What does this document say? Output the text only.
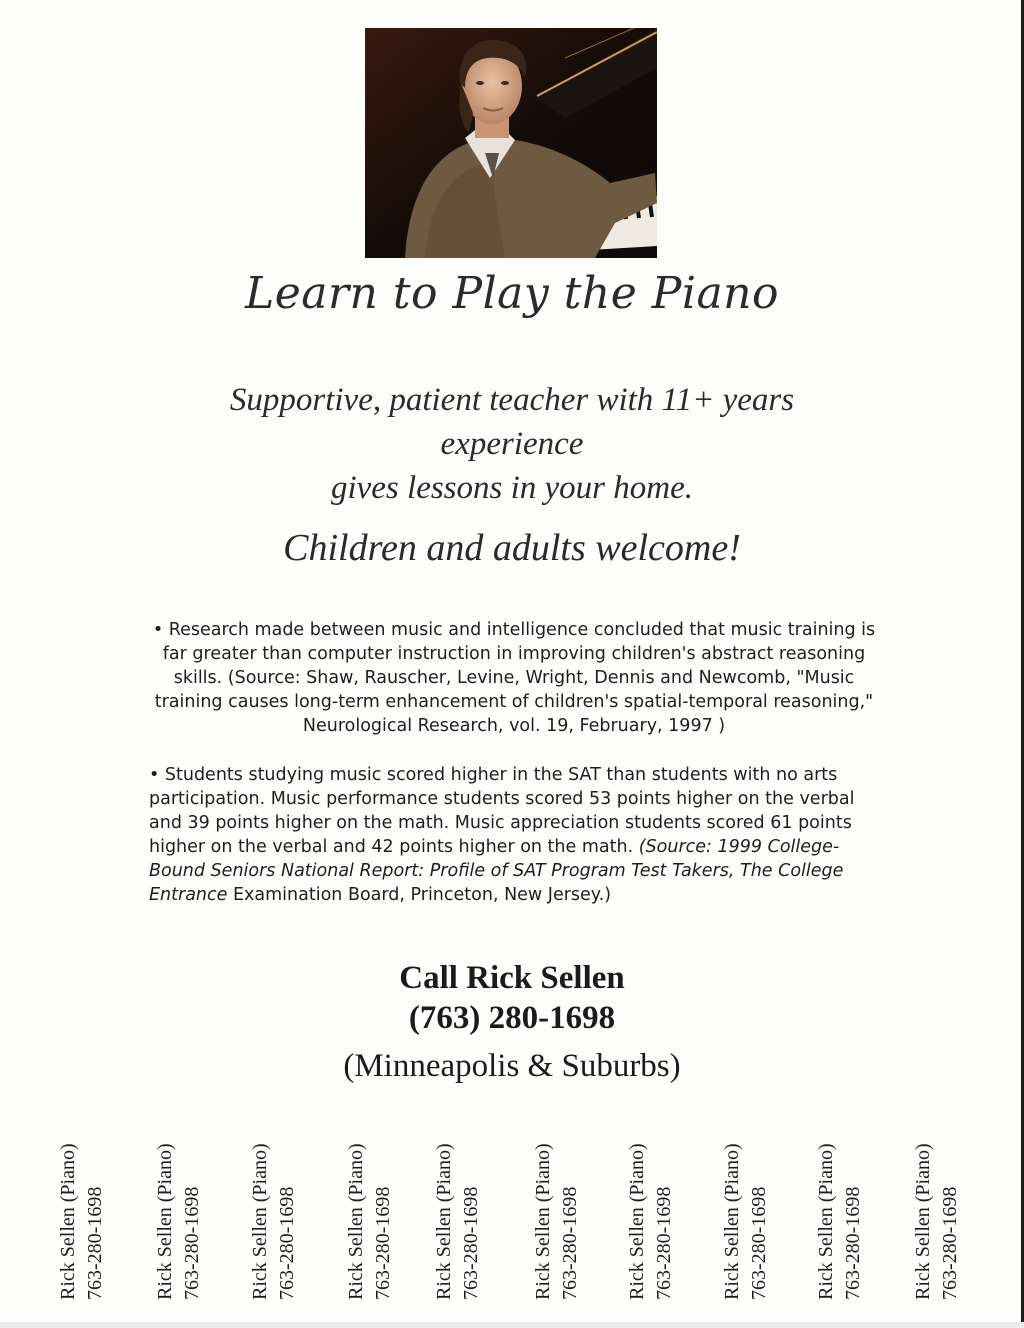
Learn to Play the Piano
Supportive, patient teacher with 11+ years
experience
gives lessons in your home.
Children and adults welcome!
• Research made between music and intelligence concluded that music training is far greater than computer instruction in improving children's abstract reasoning skills. (Source: Shaw, Rauscher, Levine, Wright, Dennis and Newcomb, "Music training causes long-term enhancement of children's spatial-temporal reasoning," Neurological Research, vol. 19, February, 1997 )
• Students studying music scored higher in the SAT than students with no arts participation. Music performance students scored 53 points higher on the verbal and 39 points higher on the math. Music appreciation students scored 61 points higher on the verbal and 42 points higher on the math. (Source: 1999 College-Bound Seniors National Report: Profile of SAT Program Test Takers, The College Entrance Examination Board, Princeton, New Jersey.)
Call Rick Sellen
(763) 280-1698
(Minneapolis & Suburbs)
Rick Sellen (Piano) 763-280-1698 Rick Sellen (Piano) 763-280-1698 Rick Sellen (Piano) 763-280-1698 Rick Sellen (Piano) 763-280-1698 Rick Sellen (Piano) 763-280-1698	Rick Sellen (Piano) 763-280-1698 Rick Sellen (Piano) 763-280-1698 Rick Sellen (Piano) 763-280-1698 Rick Sellen (Piano) 763-280-1698 Rick Sellen (Piano) 763-280-1698
